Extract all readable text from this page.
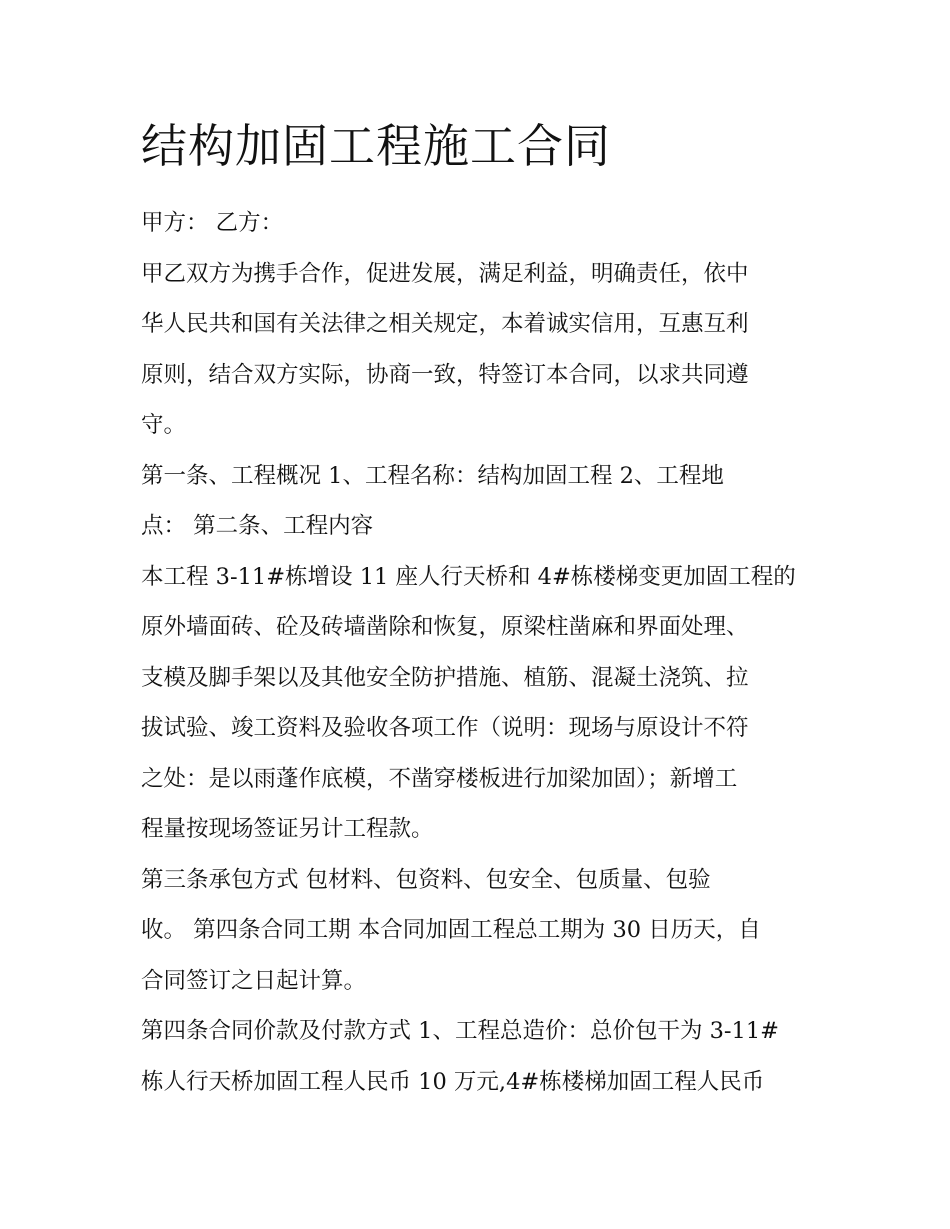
结构加固工程施工合同

甲方： 乙方：

甲乙双方为携手合作，促进发展，满足利益，明确责任，依中

华人民共和国有关法律之相关规定，本着诚实信用，互惠互利

原则，结合双方实际，协商一致，特签订本合同，以求共同遵

守。

第一条、工程概况 1、工程名称：结构加固工程 2、工程地

点： 第二条、工程内容

本工程 3-11#栋增设 11 座人行天桥和 4#栋楼梯变更加固工程的

原外墙面砖、砼及砖墙凿除和恢复，原梁柱凿麻和界面处理、

支模及脚手架以及其他安全防护措施、植筋、混凝土浇筑、拉

拔试验、竣工资料及验收各项工作（说明：现场与原设计不符

之处：是以雨蓬作底模，不凿穿楼板进行加梁加固）；新增工

程量按现场签证另计工程款。

第三条承包方式 包材料、包资料、包安全、包质量、包验

收。 第四条合同工期 本合同加固工程总工期为 30 日历天，自

合同签订之日起计算。

第四条合同价款及付款方式 1、工程总造价：总价包干为 3-11#

栋人行天桥加固工程人民币 10 万元,4#栋楼梯加固工程人民币
